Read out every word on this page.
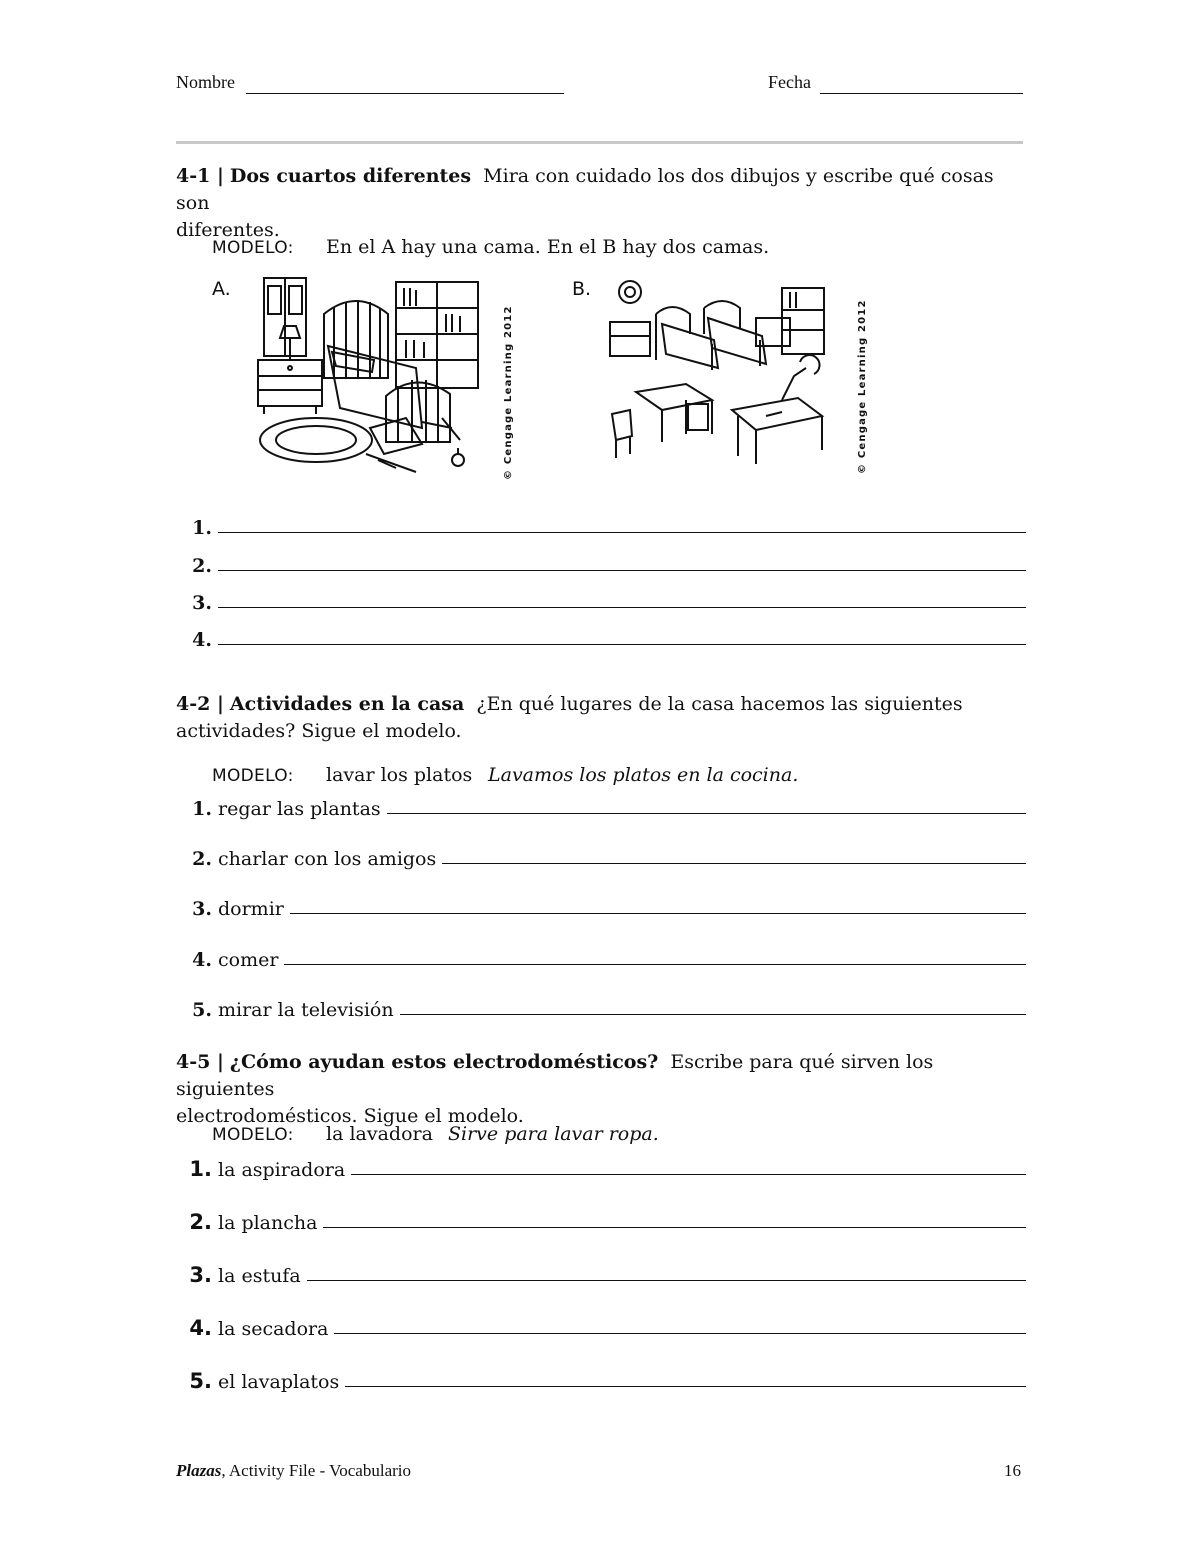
Nombre	Fecha
4-1 | Dos cuartos diferentes Mira con cuidado los dos dibujos y escribe qué cosas son
diferentes.
MODELO:	En el A hay una cama. En el B hay dos camas.
A.	B.
© Cengage Learning 2012	© Cengage Learning 2012
1.
2.
3.
4.
4-2 | Actividades en la casa ¿En qué lugares de la casa hacemos las siguientes
actividades? Sigue el modelo.
MODELO:	lavar los platos Lavamos los platos en la cocina.
1. regar las plantas
2. charlar con los amigos
3. dormir
4. comer
5. mirar la televisión
4-5 | ¿Cómo ayudan estos electrodomésticos? Escribe para qué sirven los siguientes
electrodomésticos. Sigue el modelo.
MODELO:	la lavadora Sirve para lavar ropa.
1. la aspiradora
2. la plancha
3. la estufa
4. la secadora
5. el lavaplatos
Plazas, Activity File - Vocabulario	16
